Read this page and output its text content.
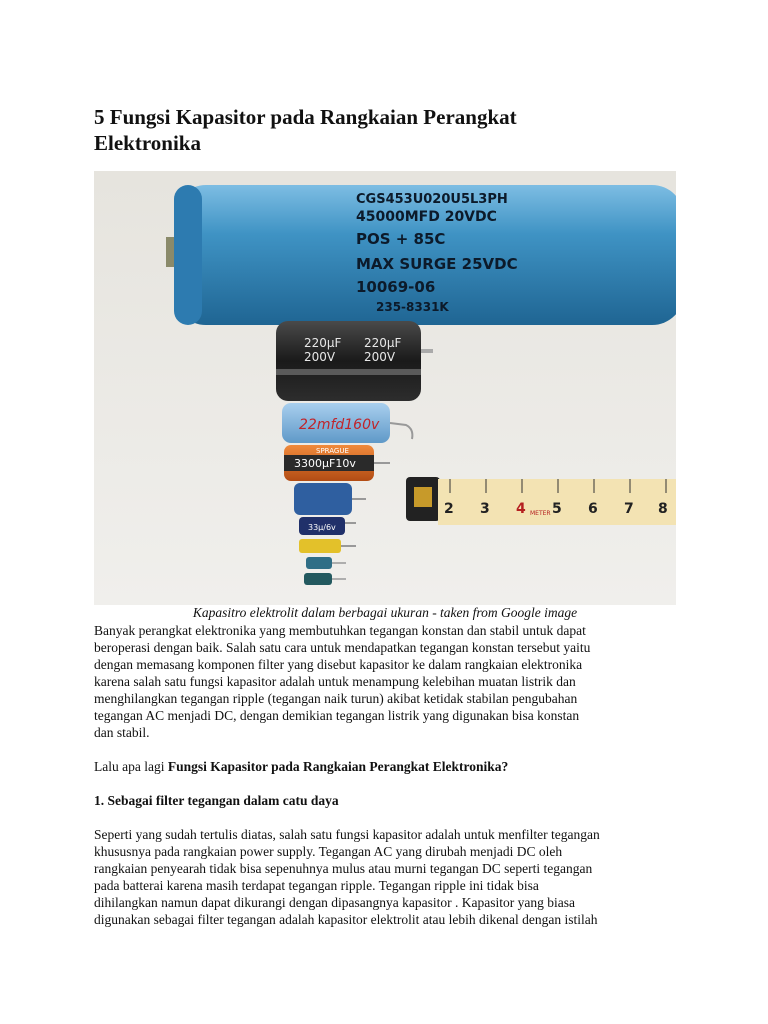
5 Fungsi Kapasitor pada Rangkaian Perangkat
Elektronika
CGS453U020U5L3PH
45000MFD 20VDC
POS + 85C
MAX SURGE 25VDC
10069-06
235-8331K
220µF
200V
220µF
200V
22mfd160v
SPRAGUE
3300µF10v
33µ/6v
2 3 4 5 6 7 8
METER
Kapasitro elektrolit dalam berbagai ukuran - taken from Google image

Banyak perangkat elektronika yang membutuhkan tegangan konstan dan stabil untuk dapat
beroperasi dengan baik. Salah satu cara untuk mendapatkan tegangan konstan tersebut yaitu
dengan memasang komponen filter yang disebut kapasitor ke dalam rangkaian elektronika
karena salah satu fungsi kapasitor adalah untuk menampung kelebihan muatan listrik dan
menghilangkan tegangan ripple (tegangan naik turun) akibat ketidak stabilan pengubahan
tegangan AC menjadi DC, dengan demikian tegangan listrik yang digunakan bisa konstan
dan stabil.

Lalu apa lagi Fungsi Kapasitor pada Rangkaian Perangkat Elektronika?

1. Sebagai filter tegangan dalam catu daya

Seperti yang sudah tertulis diatas, salah satu fungsi kapasitor adalah untuk menfilter tegangan
khususnya pada rangkaian power supply. Tegangan AC yang dirubah menjadi DC oleh
rangkaian penyearah tidak bisa sepenuhnya mulus atau murni tegangan DC seperti tegangan
pada batterai karena masih terdapat tegangan ripple. Tegangan ripple ini tidak bisa
dihilangkan namun dapat dikurangi dengan dipasangnya kapasitor . Kapasitor yang biasa
digunakan sebagai filter tegangan adalah kapasitor elektrolit atau lebih dikenal dengan istilah
